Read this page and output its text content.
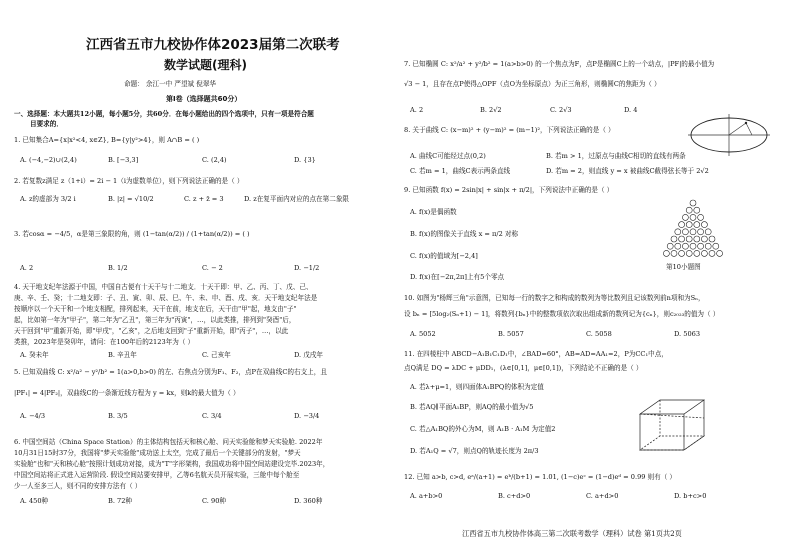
江西省五市九校协作体2023届第二次联考
数学试题(理科)
命题： 余江一中 严望斌 倪翠华
第Ⅰ卷（选择题共60分）
一、选择题：本大题共12小题，每小题5分，共60分．在每小题给出的四个选项中，只有一项是符合题
目要求的．
1. 已知集合A={x|x²<4, x∈Z}, B={y|y²>4}，则 A∩B = ( )
A. (−4,−2)∪(2,4)	B. [−3,3]	C. (2,4)	D. {3}
2. 若复数z满足 z（1+i）= 2i − 1（i为虚数单位），则下列说法正确的是（ ）
A. z的虚部为 3/2 i	B. |z| = √10/2	C. z + z̄ = 3	D. z在复平面内对应的点在第二象限
3. 若cosα = −4/5，α是第三象限的角，则 (1−tan(α/2)) / (1+tan(α/2)) = ( )
A. 2	B. 1/2	C. − 2	D. −1/2
4. 天干地支纪年法源于中国，中国自古便有十天干与十二地支．十天干即：甲、乙、丙、丁、戊、己、
庚、辛、壬、癸；十二地支即：子、丑、寅、卯、辰、巳、午、未、申、酉、戌、亥．天干地支纪年法是
按顺序以一个天干和一个地支相配，排列起来，天干在前，地支在后，天干由"甲"起，地支由"子"
起，比如第一年为"甲子"，第二年为"乙丑"，第三年为"丙寅"，…，以此类推，排列到"癸酉"后，
天干回到"甲"重新开始，即"甲戌"，"乙亥"，之后地支回到"子"重新开始，即"丙子"，…，以此
类推，2023年是癸卯年，请问：在100年后的2123年为（ ）
A. 癸未年	B. 辛丑年	C. 己亥年	D. 戊戌年
5. 已知双曲线 C: x²/a² − y²/b² = 1(a>0,b>0) 的左、右焦点分别为F₁、F₂，点P在双曲线C的右支上，且
|PF₁| = 4|PF₂|，双曲线C的一条渐近线方程为 y = kx，则k的最大值为（ ）
A. −4/3	B. 3/5	C. 3/4	D. −3/4
6. 中国空间站（China Space Station）的主体结构包括天和核心舱、问天实验舱和梦天实验舱. 2022年
10月31日15时37分，我国将"梦天实验舱"成功送上太空，完成了最后一个关键部分的发射，"梦天
实验舱"也和"天和核心舱"按照计划成功对接，成为"T"字形架构，我国成功将中国空间站建设完毕.2023年，
中国空间站将正式进入运营阶段. 假设空间站要安排甲，乙等6名航天员开展实验，三舱中每个舱至
少一人至多三人，则不同的安排方法有（ ）
A. 450种	B. 72种	C. 90种	D. 360种
7. 已知椭圆 C: x²/a² + y²/b² = 1(a>b>0) 的一个焦点为F，点P是椭圆C上的一个动点，|PF|的最小值为
√3 − 1，且存在点P使得△OPF（点O为坐标原点）为正三角形，则椭圆C的焦距为（ ）
A. 2	B. 2√2	C. 2√3	D. 4
8. 关于曲线 C: (x−m)² + (y−m)² = (m−1)²，下列说法正确的是（ ）
A. 曲线C可能经过点(0,2)	B. 若m > 1，过原点与曲线C相切的直线有两条
C. 若m = 1，曲线C表示两条直线	D. 若m = 2，则直线 y = x 被曲线C截得弦长等于 2√2
9. 已知函数 f(x) = 2sin|x| + sin|x + π/2|，下列说法中正确的是（ ）
A. f(x)是偶函数
B. f(x)的图像关于直线 x = π/2 对称
C. f(x)的值域为[−2,4]
D. f(x)在[−2π,2π]上有5个零点
第10小题图
10. 如图为"杨辉三角"示意图，已知每一行的数字之和构成的数列为等比数列且记该数列前n项和为Sₙ，
设 bₙ = [5log₂(Sₙ+1) − 1]，将数列{bₙ}中的整数项依次取出组成新的数列记为{cₙ}，则c₂₀₂₃的值为（ ）
A. 5052	B. 5057	C. 5058	D. 5063
11. 在四棱柱中 ABCD−A₁B₁C₁D₁中，∠BAD=60°，AB=AD=AA₁=2，P为CC₁中点，
点Q满足 DQ = λDC + μDD₁，(λ∈[0,1]，μ∈[0,1])，下列结论不正确的是（ ）
A. 若λ+μ=1，则四面体A₁BPQ的体积为定值
B. 若AQ∥平面A₁BP，则AQ的最小值为√5
C. 若△A₁BQ的外心为M，则 A₁B · A₁M 为定值2
D. 若A₁Q = √7，则点Q的轨迹长度为 2π/3
12. 已知 a>b, c>d, eᵃ/(a+1) = eᵇ/(b+1) = 1.01, (1−c)eᶜ = (1−d)eᵈ = 0.99 则有（ ）
A. a+b>0	B. c+d>0	C. a+d>0	D. b+c>0
江西省五市九校协作体高三第二次联考数学（理科）试卷 第1页共2页
